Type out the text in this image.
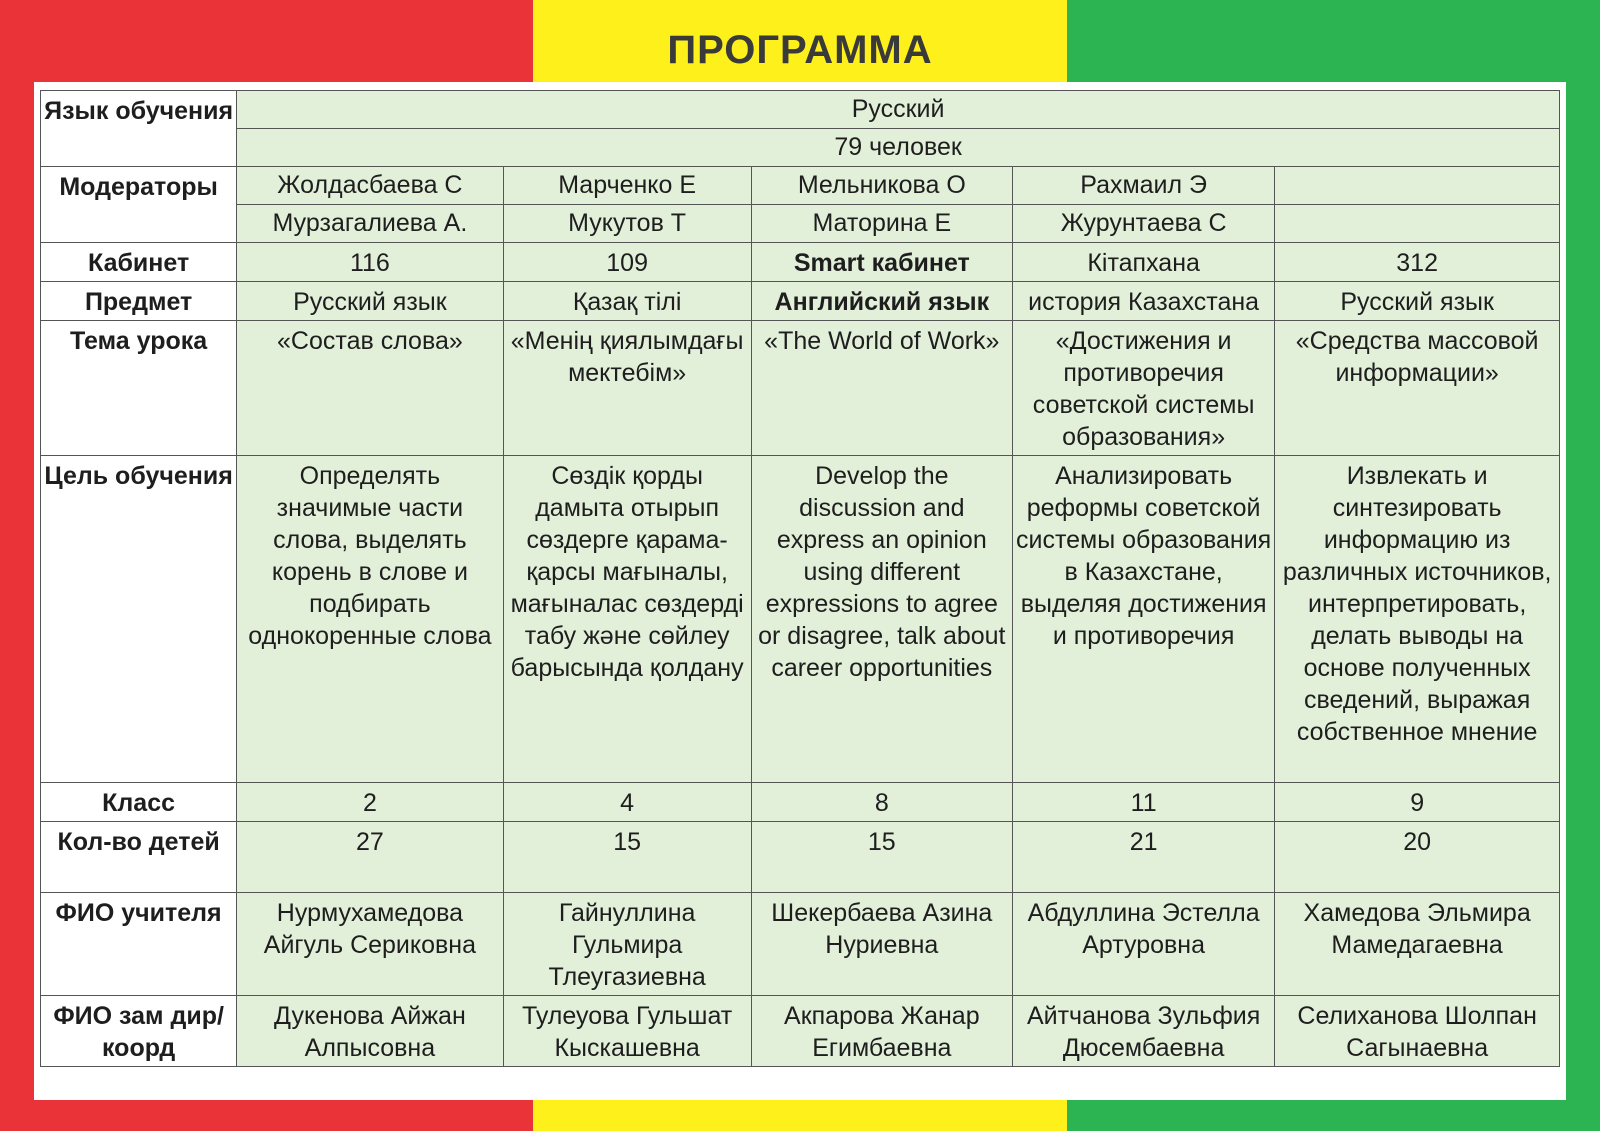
ПРОГРАММА
Язык обучения	Русский				
	79 человек				
Модераторы	Жолдасбаева С	Марченко Е	Мельникова О	Рахмаил Э	
	Мурзагалиева А.	Мукутов Т	Маторина Е	Журунтаева С	
Кабинет	116	109	Smart кабинет	Кітапхана	312
Предмет	Русский язык	Қазақ тілі	Английский язык	история Казахстана	Русский язык
Тема урока	«Состав слова»	«Менің қиялымдағы мектебім»	«The World of Work»	«Достижения и противоречия советской системы образования»	«Средства массовой информации»
Цель обучения	Определять значимые части слова, выделять корень в слове и подбирать однокоренные слова	Сөздік қорды дамыта отырып сөздерге қарама-қарсы мағыналы, мағыналас сөздерді табу және сөйлеу барысында қолдану	Develop the discussion and express an opinion using different expressions to agree or disagree, talk about career opportunities	Анализировать реформы советской системы образования в Казахстане, выделяя достижения и противоречия	Извлекать и синтезировать информацию из различных источников, интерпретировать, делать выводы на основе полученных сведений, выражая собственное мнение
Класс	2	4	8	11	9
Кол-во детей	27	15	15	21	20
ФИО учителя	Нурмухамедова Айгуль Сериковна	Гайнуллина Гульмира Тлеугазиевна	Шекербаева Азина Нуриевна	Абдуллина Эстелла Артуровна	Хамедова Эльмира Мамедагаевна
ФИО зам дир/ коорд	Дукенова Айжан Алпысовна	Тулеуова Гульшат Кыскашевна	Акпарова Жанар Егимбаевна	Айтчанова Зульфия Дюсембаевна	Селиханова Шолпан Сагынаевна
